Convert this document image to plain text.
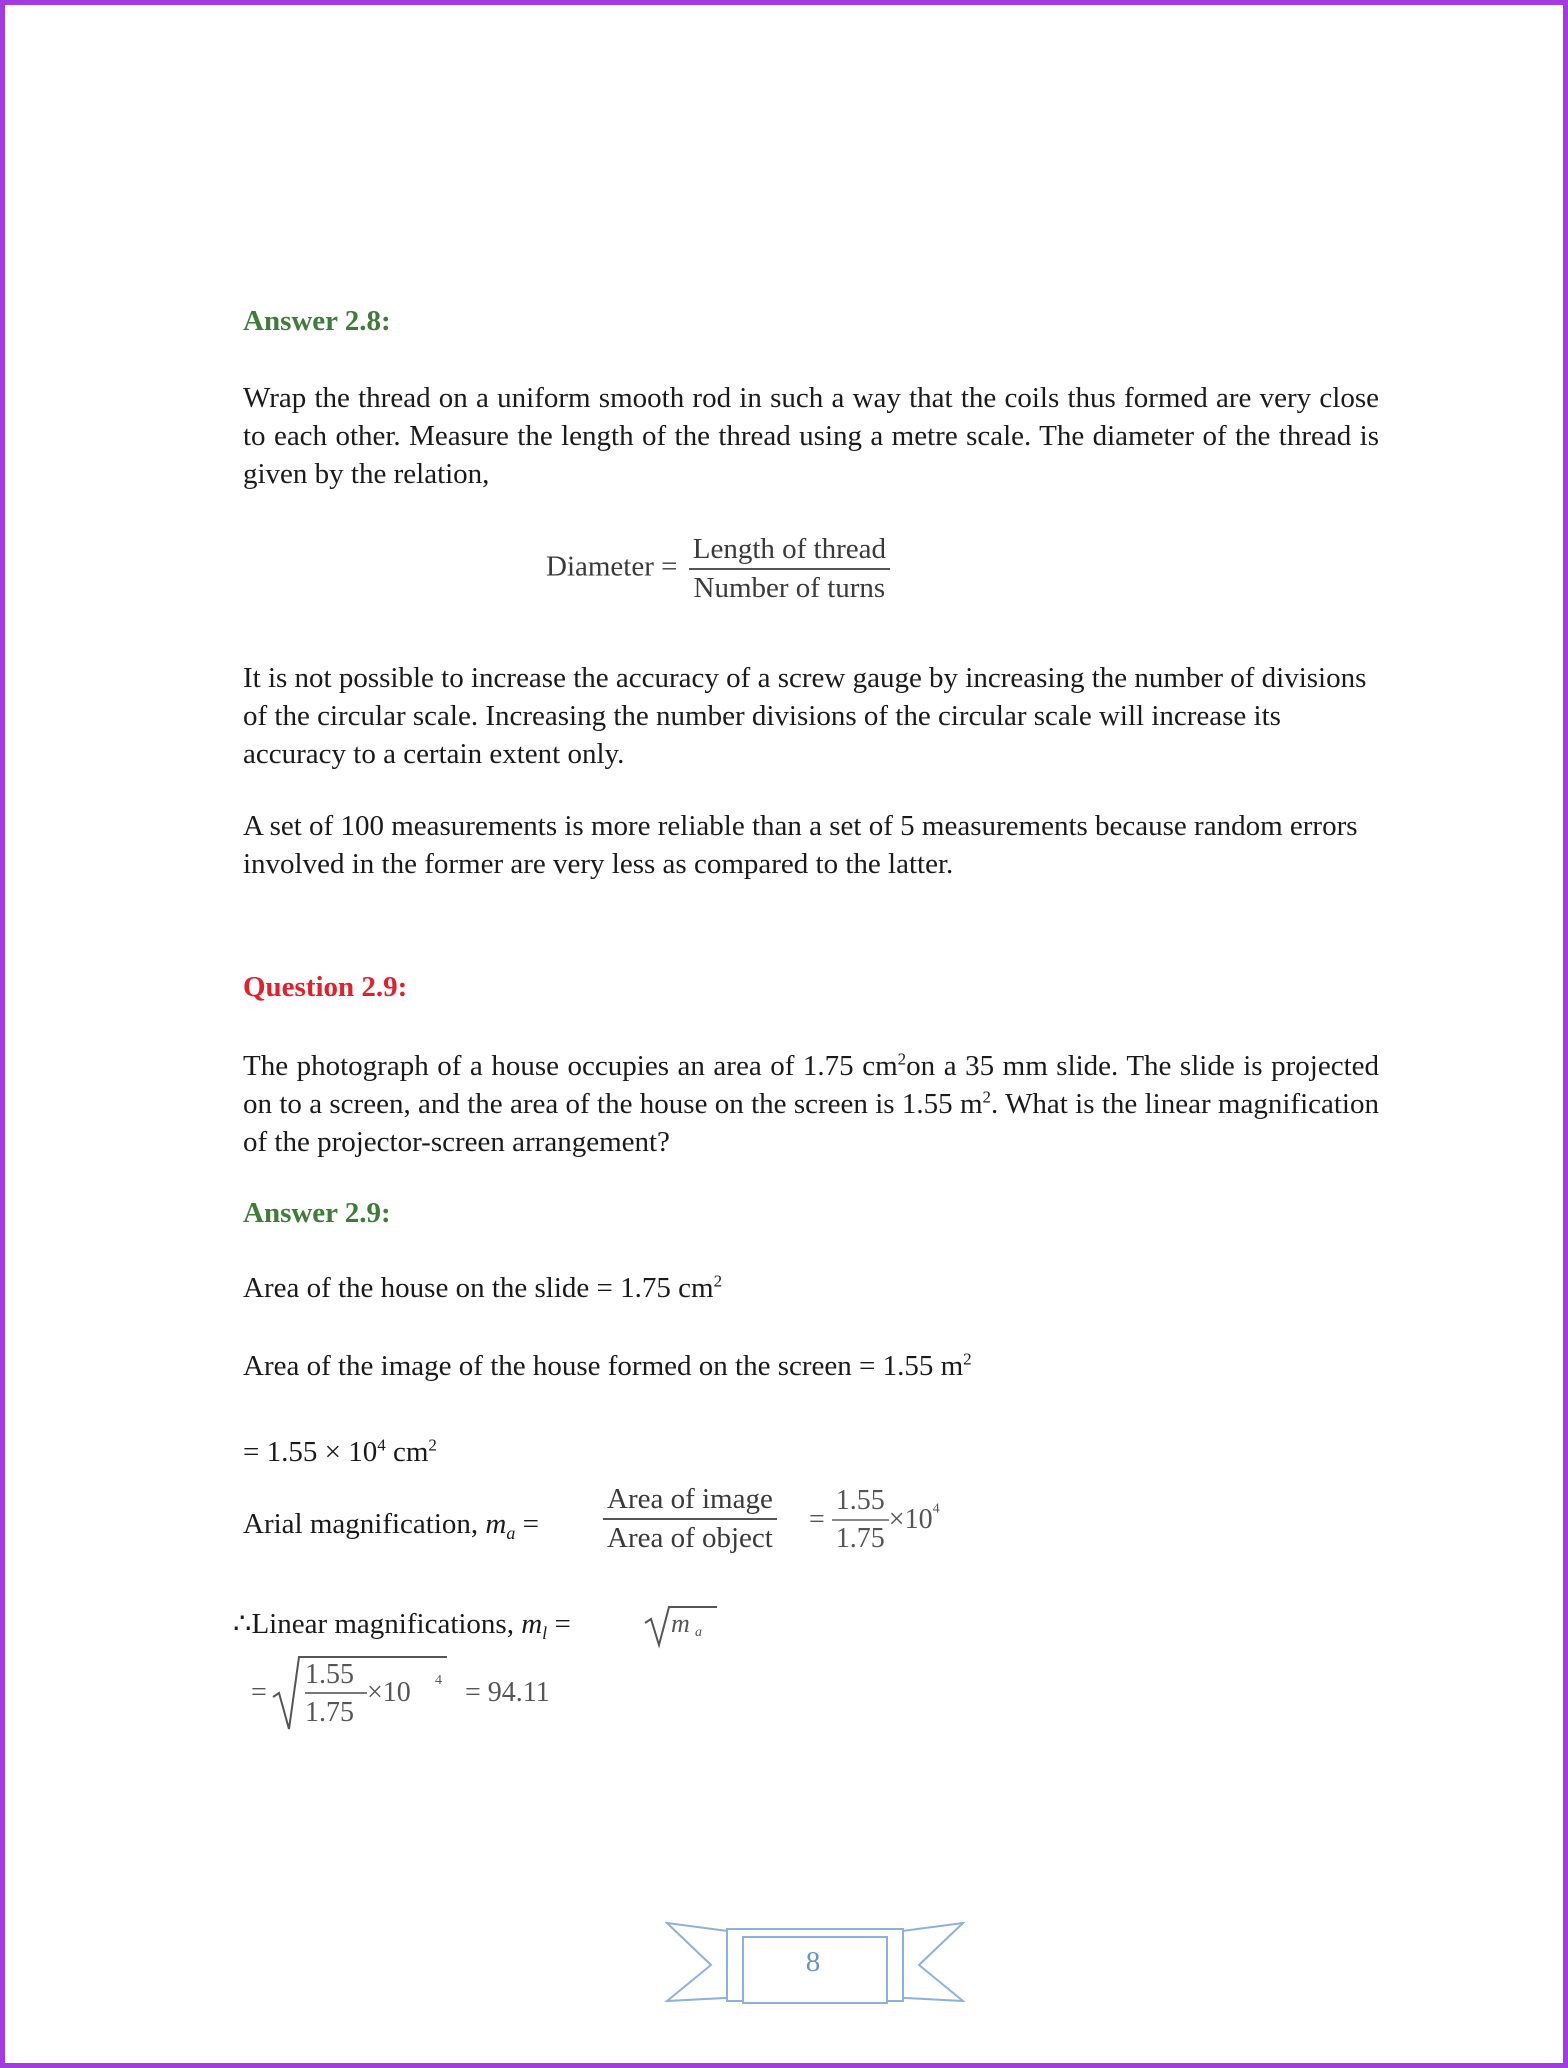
Answer 2.8:
Wrap the thread on a uniform smooth rod in such a way that the coils thus formed are very close to each other. Measure the length of the thread using a metre scale. The diameter of the thread is given by the relation,
Diameter = $\frac{\text{Length of thread}}{\text{Number of turns}}$
It is not possible to increase the accuracy of a screw gauge by increasing the number of divisions of the circular scale. Increasing the number divisions of the circular scale will increase its accuracy to a certain extent only.
A set of 100 measurements is more reliable than a set of 5 measurements because random errors involved in the former are very less as compared to the latter.
Question 2.9:
The photograph of a house occupies an area of 1.75 $cm^2on$ a 35 mm slide. The slide is projected on to a screen, and the area of the house on the screen is 1.55 $m^2$. What is the linear magnification of the projector-screen arrangement?
Answer 2.9:
Area of the house on the slide = 1.75 $cm^2$
Area of the image of the house formed on the screen = 1.55 $m^2$
= $1.55 \times 10^4$ $cm^2$
Arial magnification, $m_a = \frac{\text{Area of image}}{\text{Area of object}} = \frac{1.55}{1.75} \times 10^4$
∴Linear magnifications, $m_l$ =	m a
=
1.55
1.75
×10 4 = 94.11
8
